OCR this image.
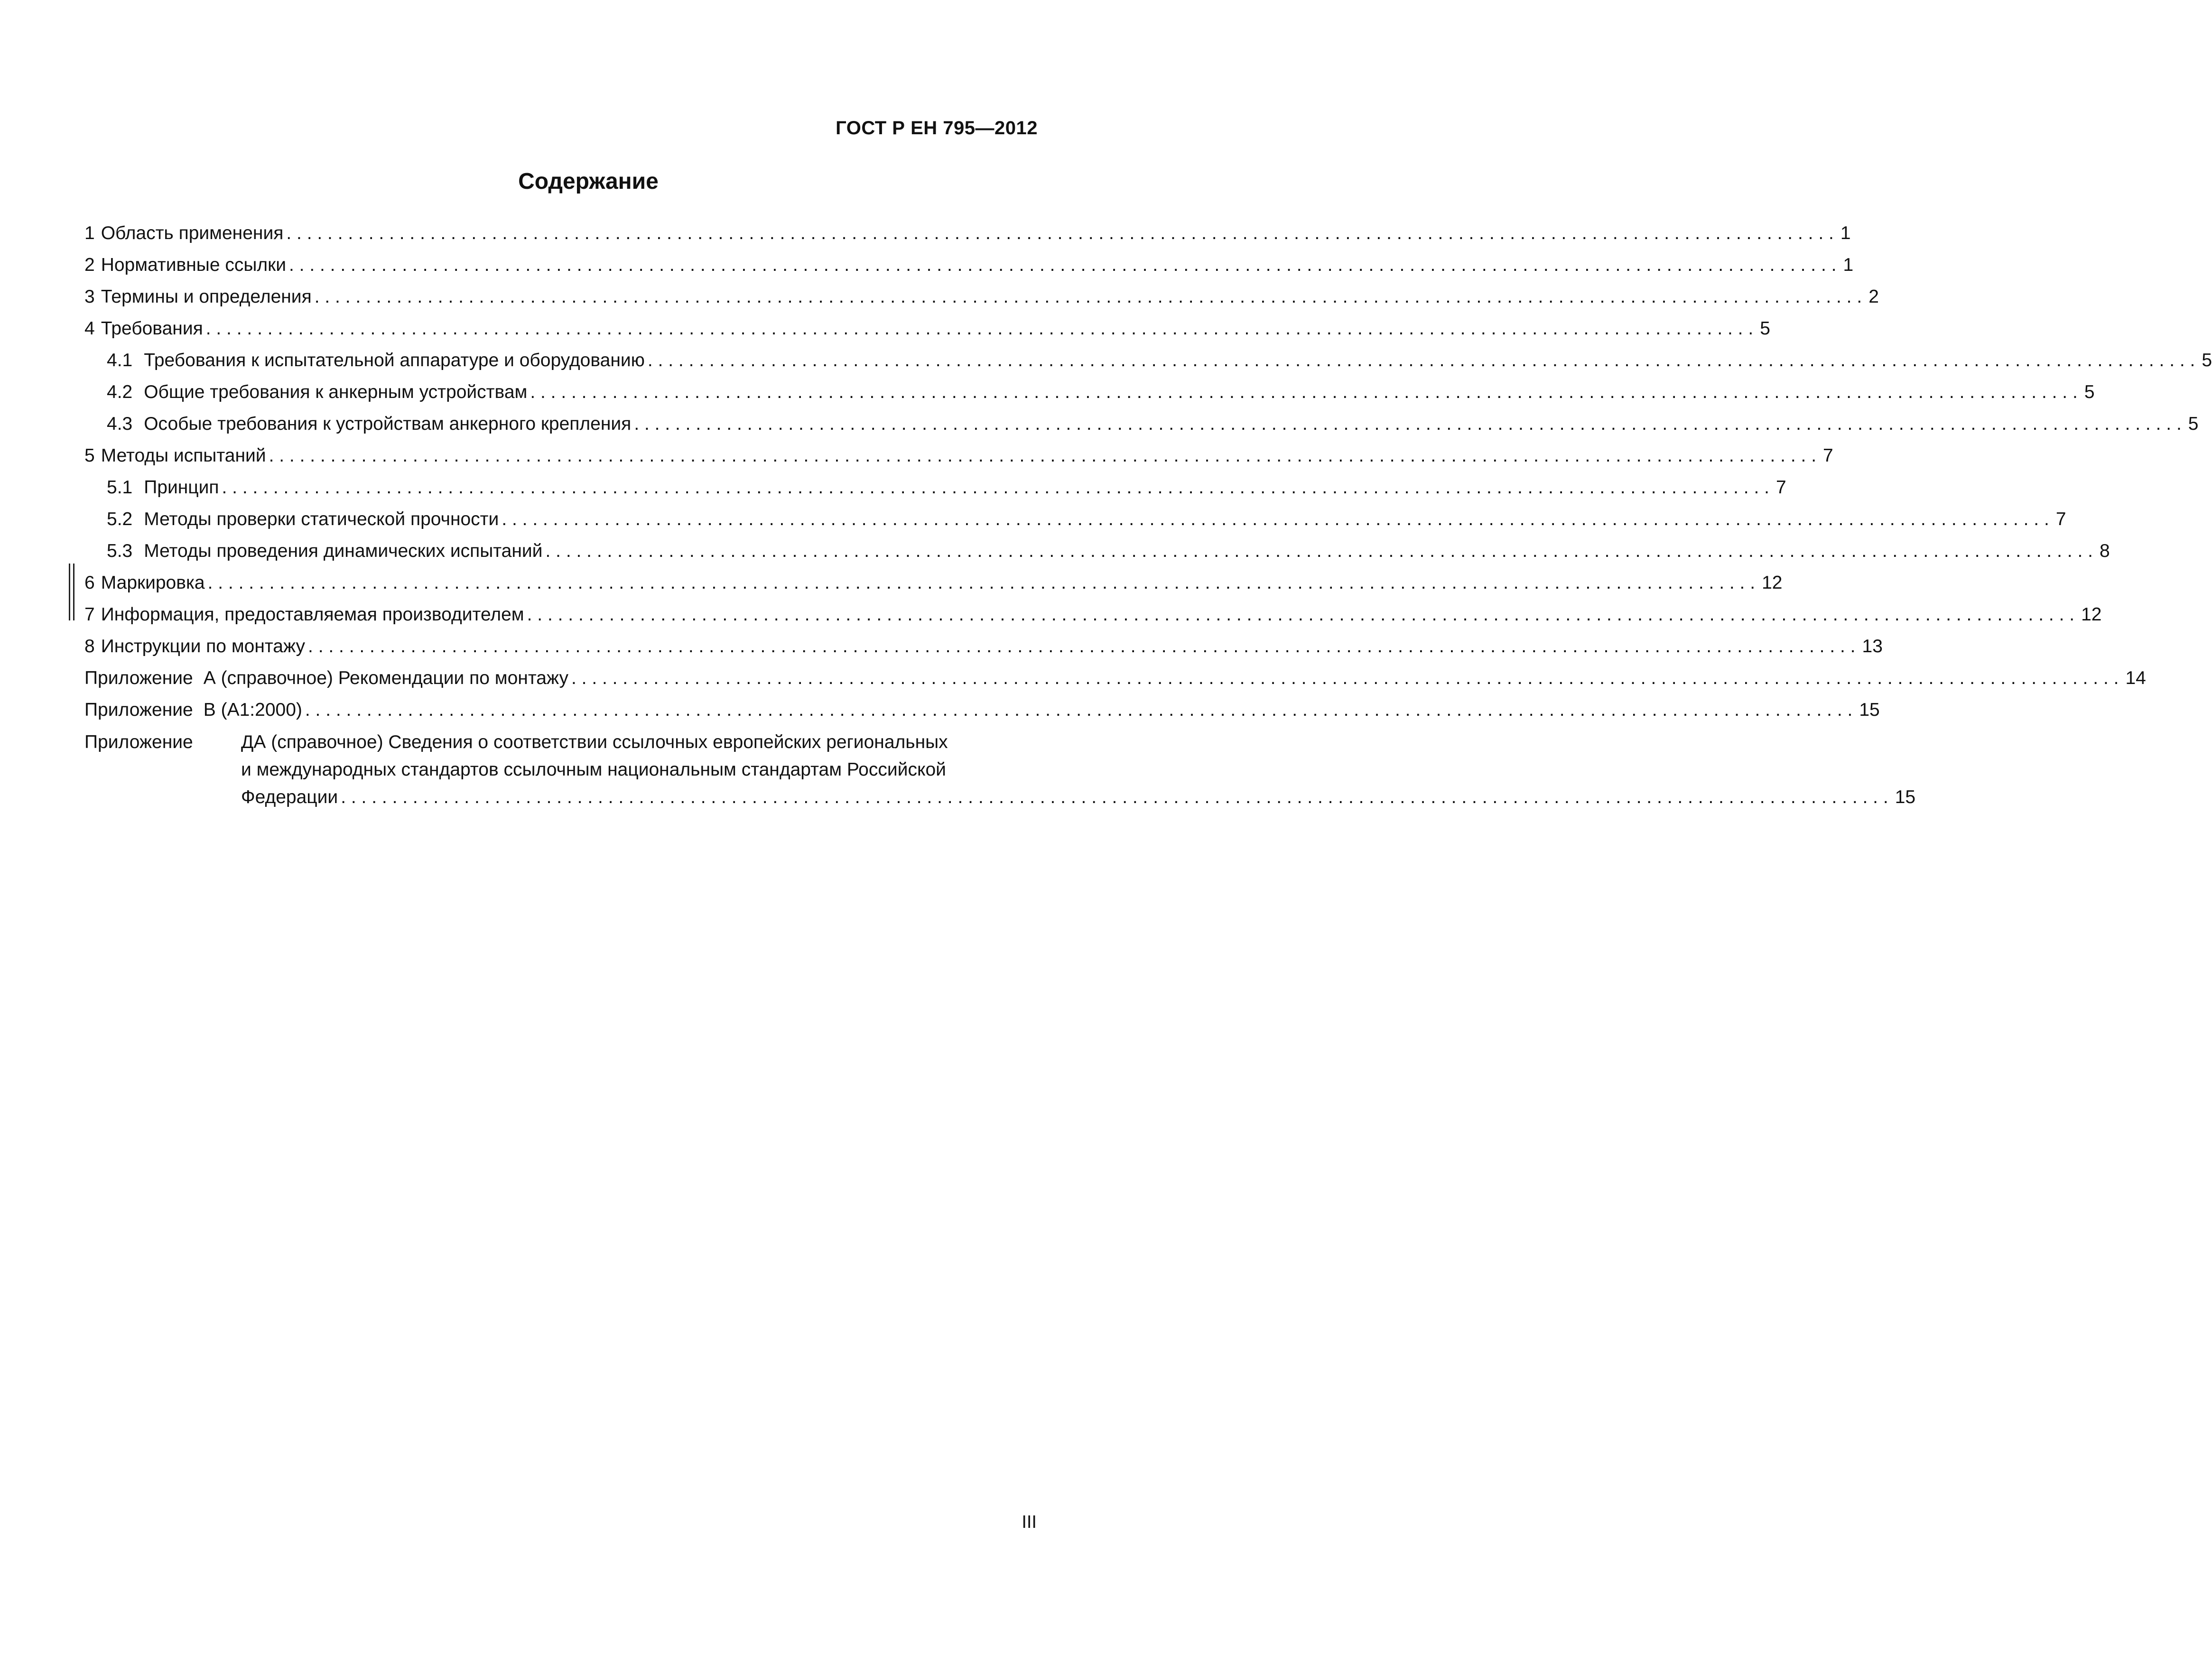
ГОСТ Р ЕН 795—2012
Содержание
1 Область применения . . .	1
2 Нормативные ссылки . . .	1
3 Термины и определения . . .	2
4 Требования . . .	5
4.1 Требования к испытательной аппаратуре и оборудованию . . .	5
4.2 Общие требования к анкерным устройствам . . .	5
4.3 Особые требования к устройствам анкерного крепления . . .	5
5 Методы испытаний . . .	7
5.1 Принцип . . .	7
5.2 Методы проверки статической прочности . . .	7
5.3 Методы проведения динамических испытаний . . .	8
6 Маркировка . . .	12
7 Информация, предоставляемая производителем . . .	12
8 Инструкции по монтажу . . .	13
Приложение А (справочное) Рекомендации по монтажу . . .	14
Приложение В (А1:2000) . . .	15
Приложение	ДА (справочное) Сведения о соответствии ссылочных европейских региональных
и международных стандартов ссылочным национальным стандартам Российской
Федерации . . .	15
III
